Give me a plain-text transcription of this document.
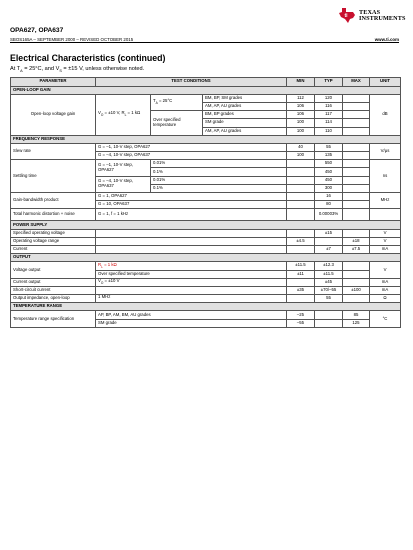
ti TEXAS
INSTRUMENTS
OPA627, OPA637
SBOS165A – SEPTEMBER 2000 – REVISED OCTOBER 2015	www.ti.com
Electrical Characteristics (continued)
At $T_A = 25^\circ C$, and $V_S = \pm 15$ V, unless otherwise noted.
PARAMETER	TEST CONDITIONS			MIN	TYP	MAX	UNIT
OPEN-LOOP GAIN							
Open-loop voltage gain	$V_O = \pm 10$ V, $R_L = 1$ kΩ	$T_A = 25^\circ C$	BM, BP, SM grades	112	120		dB
			AM, AP, AU grades	106	116		
		Over specified temperature	BM, BP grades	106	117		
			SM grade	100	114		
			AM, AP, AU grades	100	110		
FREQUENCY RESPONSE							
Slew rate	G = –1, 10-V step, OPA627			40	55		V/μs
	G = –4, 10-V step, OPA637			100	135		
Settling time	G = –1, 10-V step, OPA627	0.01%			550		ns
		0.1%			450		
	G = –4, 10-V step, OPA637	0.01%			450		
		0.1%			300		
Gain-bandwidth product	G = 1, OPA627				16		MHz
	G = 10, OPA637				80		
Total harmonic distortion + noise	G = 1, f = 1 kHz				0.00003%		
POWER SUPPLY							
Specified operating voltage					±15		V
Operating voltage range				±4.5		±18	V
Current					±7	±7.5	mA
OUTPUT							
Voltage output	$R_L = 1$ kΩ			±11.5	±12.3		V
	Over specified temperature			±11	±11.5		
Current output	$V_O = \pm 10$ V				±45		mA
Short-circuit current				±35	±70/–55	±100	mA
Output impedance, open-loop	1 MHz				55		Ω
TEMPERATURE RANGE							
Temperature range specification	AP, BP, AM, BM, AU grades			–25		85	°C
	SM grade			–55		125	
